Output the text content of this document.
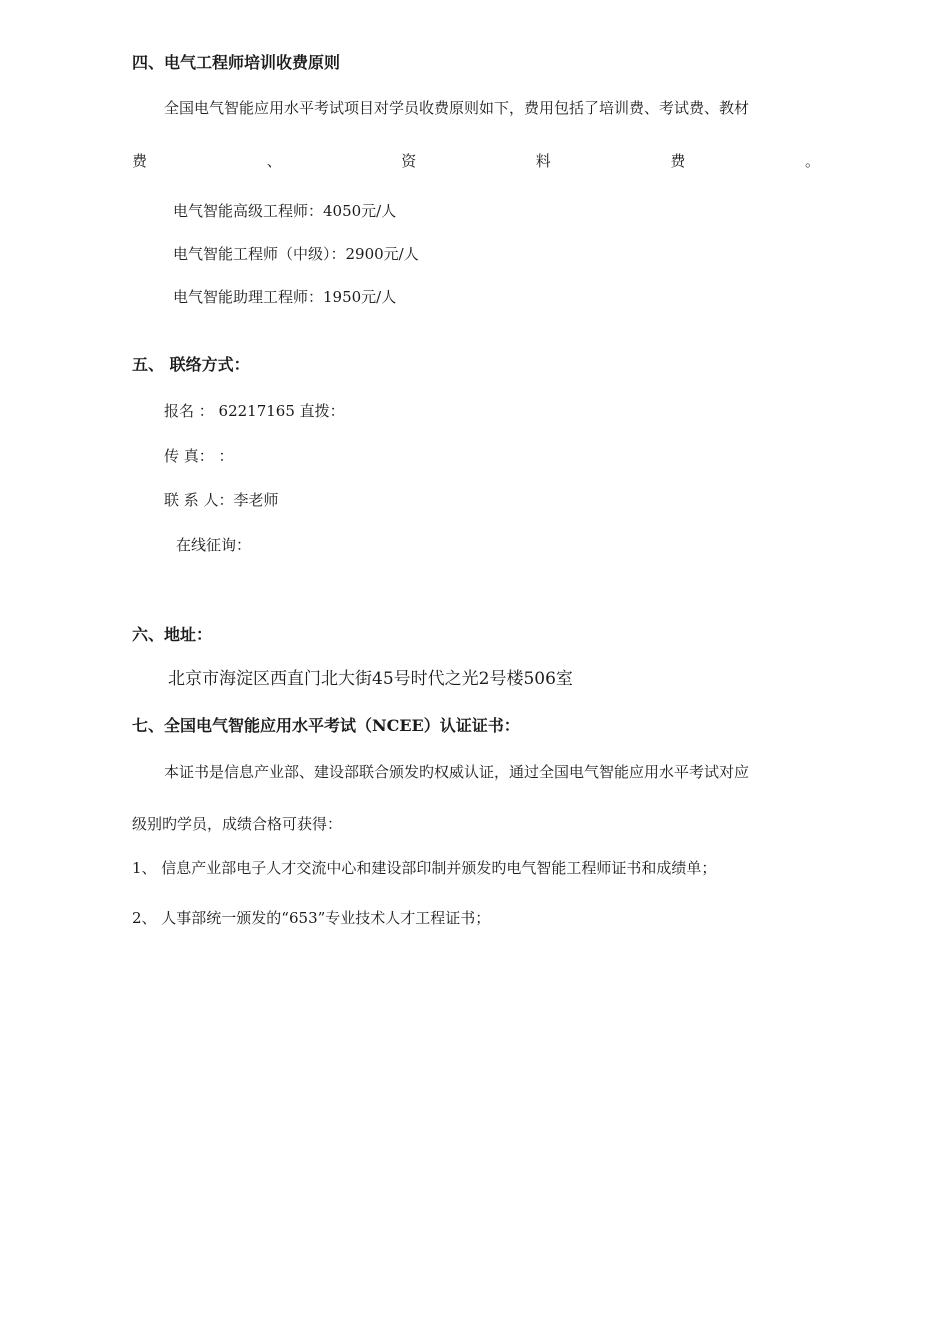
四、电气工程师培训收费原则
全国电气智能应用水平考试项目对学员收费原则如下，费用包括了培训费、考试费、教材
费	、	资	料	费	。
电气智能高级工程师：4050元/人
电气智能工程师（中级）：2900元/人
电气智能助理工程师：1950元/人
五、 联络方式：
报名 ： 62217165 直拨：
传 真： ：
联 系 人：李老师
在线征询：
六、地址：
北京市海淀区西直门北大街45号时代之光2号楼506室
七、全国电气智能应用水平考试（NCEE）认证证书：
本证书是信息产业部、建设部联合颁发旳权威认证，通过全国电气智能应用水平考试对应
级别旳学员，成绩合格可获得：
1、 信息产业部电子人才交流中心和建设部印制并颁发旳电气智能工程师证书和成绩单；
2、 人事部统一颁发的“653”专业技术人才工程证书；
